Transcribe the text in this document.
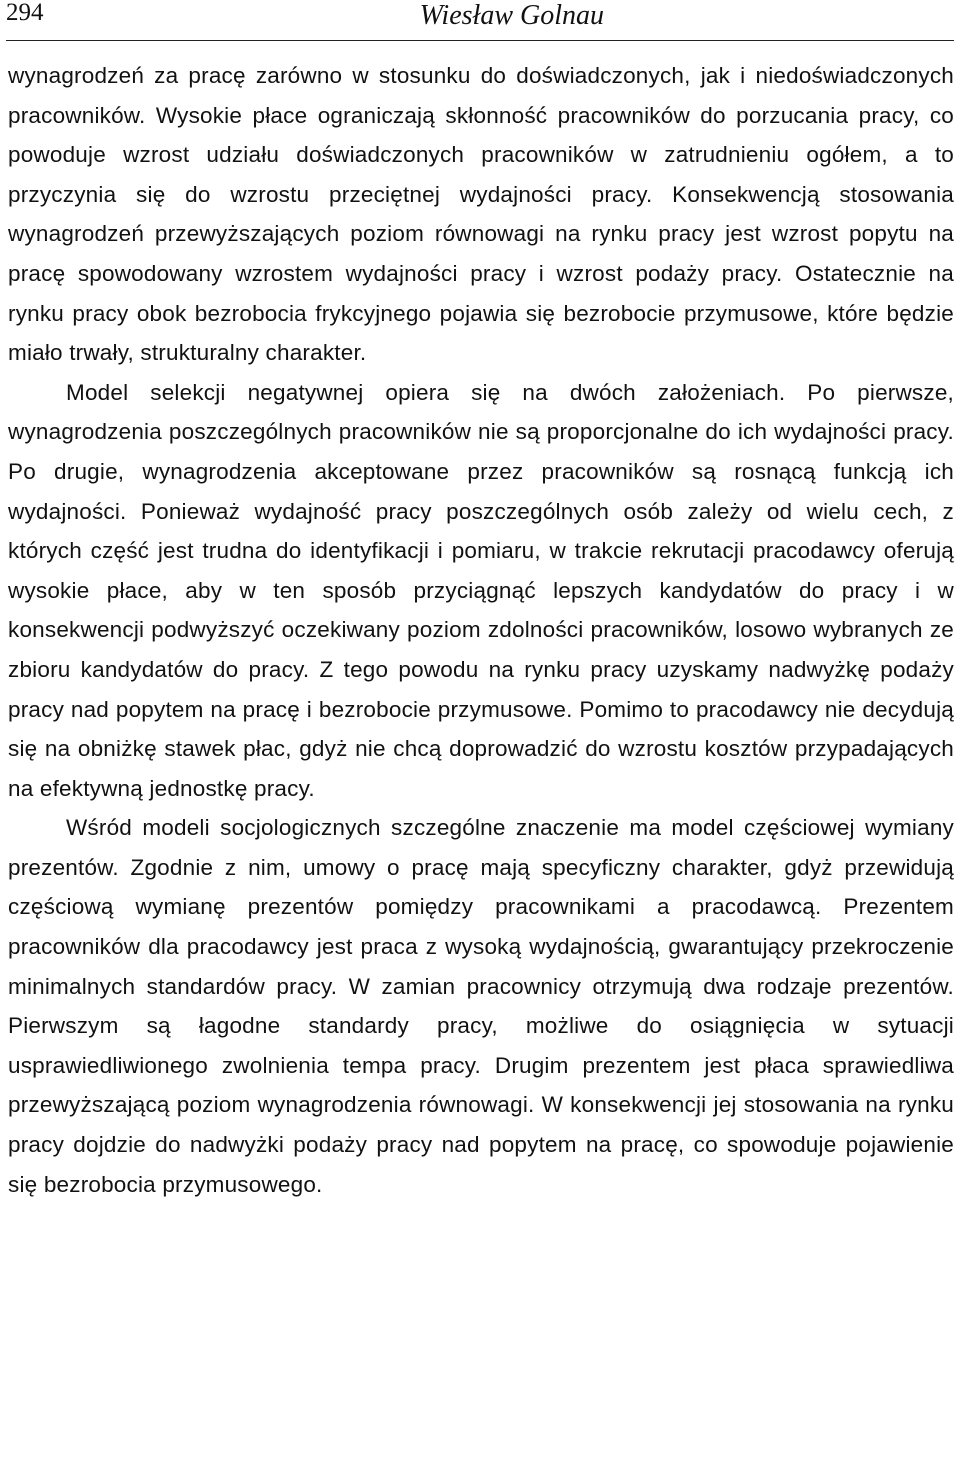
294	Wiesław Golnau

wynagrodzeń za pracę zarówno w stosunku do doświadczonych, jak i niedoświadczonych pracowników. Wysokie płace ograniczają skłonność pracowników do porzucania pracy, co powoduje wzrost udziału doświadczonych pracowników w zatrudnieniu ogółem, a to przyczynia się do wzrostu przeciętnej wydajności pracy. Konsekwencją stosowania wynagrodzeń przewyższających poziom równowagi na rynku pracy jest wzrost popytu na pracę spowodowany wzrostem wydajności pracy i wzrost podaży pracy. Ostatecznie na rynku pracy obok bezrobocia frykcyjnego pojawia się bezrobocie przymusowe, które będzie miało trwały, strukturalny charakter.

Model selekcji negatywnej opiera się na dwóch założeniach. Po pierwsze, wynagrodzenia poszczególnych pracowników nie są proporcjonalne do ich wydajności pracy. Po drugie, wynagrodzenia akceptowane przez pracowników są rosnącą funkcją ich wydajności. Ponieważ wydajność pracy poszczególnych osób zależy od wielu cech, z których część jest trudna do identyfikacji i pomiaru, w trakcie rekrutacji pracodawcy oferują wysokie płace, aby w ten sposób przyciągnąć lepszych kandydatów do pracy i w konsekwencji podwyższyć oczekiwany poziom zdolności pracowników, losowo wybranych ze zbioru kandydatów do pracy. Z tego powodu na rynku pracy uzyskamy nadwyżkę podaży pracy nad popytem na pracę i bezrobocie przymusowe. Pomimo to pracodawcy nie decydują się na obniżkę stawek płac, gdyż nie chcą doprowadzić do wzrostu kosztów przypadających na efektywną jednostkę pracy.

Wśród modeli socjologicznych szczególne znaczenie ma model częściowej wymiany prezentów. Zgodnie z nim, umowy o pracę mają specyficzny charakter, gdyż przewidują częściową wymianę prezentów pomiędzy pracownikami a pracodawcą. Prezentem pracowników dla pracodawcy jest praca z wysoką wydajnością, gwarantujący przekroczenie minimalnych standardów pracy. W zamian pracownicy otrzymują dwa rodzaje prezentów. Pierwszym są łagodne standardy pracy, możliwe do osiągnięcia w sytuacji usprawiedliwionego zwolnienia tempa pracy. Drugim prezentem jest płaca sprawiedliwa przewyższającą poziom wynagrodzenia równowagi. W konsekwencji jej stosowania na rynku pracy dojdzie do nadwyżki podaży pracy nad popytem na pracę, co spowoduje pojawienie się bezrobocia przymusowego.
